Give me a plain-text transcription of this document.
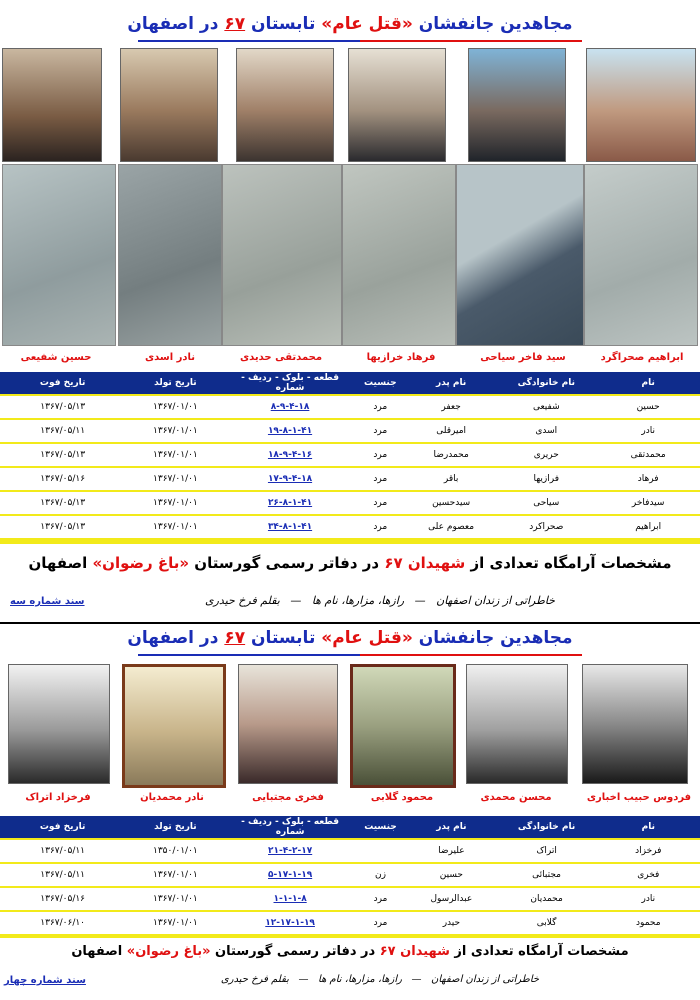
مجاهدین جانفشان «قتل عام» تابستان ۶۷ در اصفهان
ابراهیم صحراگرد
سید فاخر سیاحی
فرهاد خرازیها
محمدتقی حدیدی
نادر اسدی
حسین شفیعی
نام	نام خانوادگی	نام پدر	جنسیت	قطعه - بلوک - ردیف - شماره	تاریخ تولد	تاریخ فوت
حسین	شفیعی	جعفر	مرد	۸-۹-۴-۱۸	۱۳۶۷/۰۱/۰۱	۱۳۶۷/۰۵/۱۳
نادر	اسدی	امیرقلی	مرد	۱۹-۸-۱-۴۱	۱۳۶۷/۰۱/۰۱	۱۳۶۷/۰۵/۱۱
محمدتقی	حریری	محمدرضا	مرد	۱۸-۹-۴-۱۶	۱۳۶۷/۰۱/۰۱	۱۳۶۷/۰۵/۱۳
فرهاد	فرازیها	باقر	مرد	۱۷-۹-۴-۱۸	۱۳۶۷/۰۱/۰۱	۱۳۶۷/۰۵/۱۶
سیدفاخر	سیاحی	سیدحسین	مرد	۲۶-۸-۱-۴۱	۱۳۶۷/۰۱/۰۱	۱۳۶۷/۰۵/۱۳
ابراهیم	صحراکرد	معصوم علی	مرد	۳۴-۸-۱-۴۱	۱۳۶۷/۰۱/۰۱	۱۳۶۷/۰۵/۱۳
مشخصات آرامگاه تعدادی از شهیدان ۶۷ در دفاتر رسمی گورستان «باغ رضوان» اصفهان
خاطراتی از زندان اصفهان   —   رازها، مزارها، نام ها   —   بقلم فرخ حیدری
سند شماره سه
مجاهدین جانفشان «قتل عام» تابستان ۶۷ در اصفهان
فردوس حبیب اخباری
محسن محمدی
محمود گلابی
فخری مجتبایی
نادر محمدیان
فرخزاد اتراک
نام	نام خانوادگی	نام پدر	جنسیت	قطعه - بلوک - ردیف - شماره	تاریخ تولد	تاریخ فوت
فرخزاد	اتراک	علیرضا		۲۱-۴-۲-۱۷	۱۳۵۰/۰۱/۰۱	۱۳۶۷/۰۵/۱۱
فخری	مجتبائی	حسین	زن	۵-۱۷-۱-۱۹	۱۳۶۷/۰۱/۰۱	۱۳۶۷/۰۵/۱۱
نادر	محمدیان	عبدالرسول	مرد	۱-۱-۱-۸	۱۳۶۷/۰۱/۰۱	۱۳۶۷/۰۵/۱۶
محمود	گلابی	حیدر	مرد	۱۲-۱۷-۱-۱۹	۱۳۶۷/۰۱/۰۱	۱۳۶۷/۰۶/۱۰
مشخصات آرامگاه تعدادی از شهیدان ۶۷ در دفاتر رسمی گورستان «باغ رضوان» اصفهان
خاطراتی از زندان اصفهان   —   رازها، مزارها، نام ها   —   بقلم فرخ حیدری
سند شماره چهار
